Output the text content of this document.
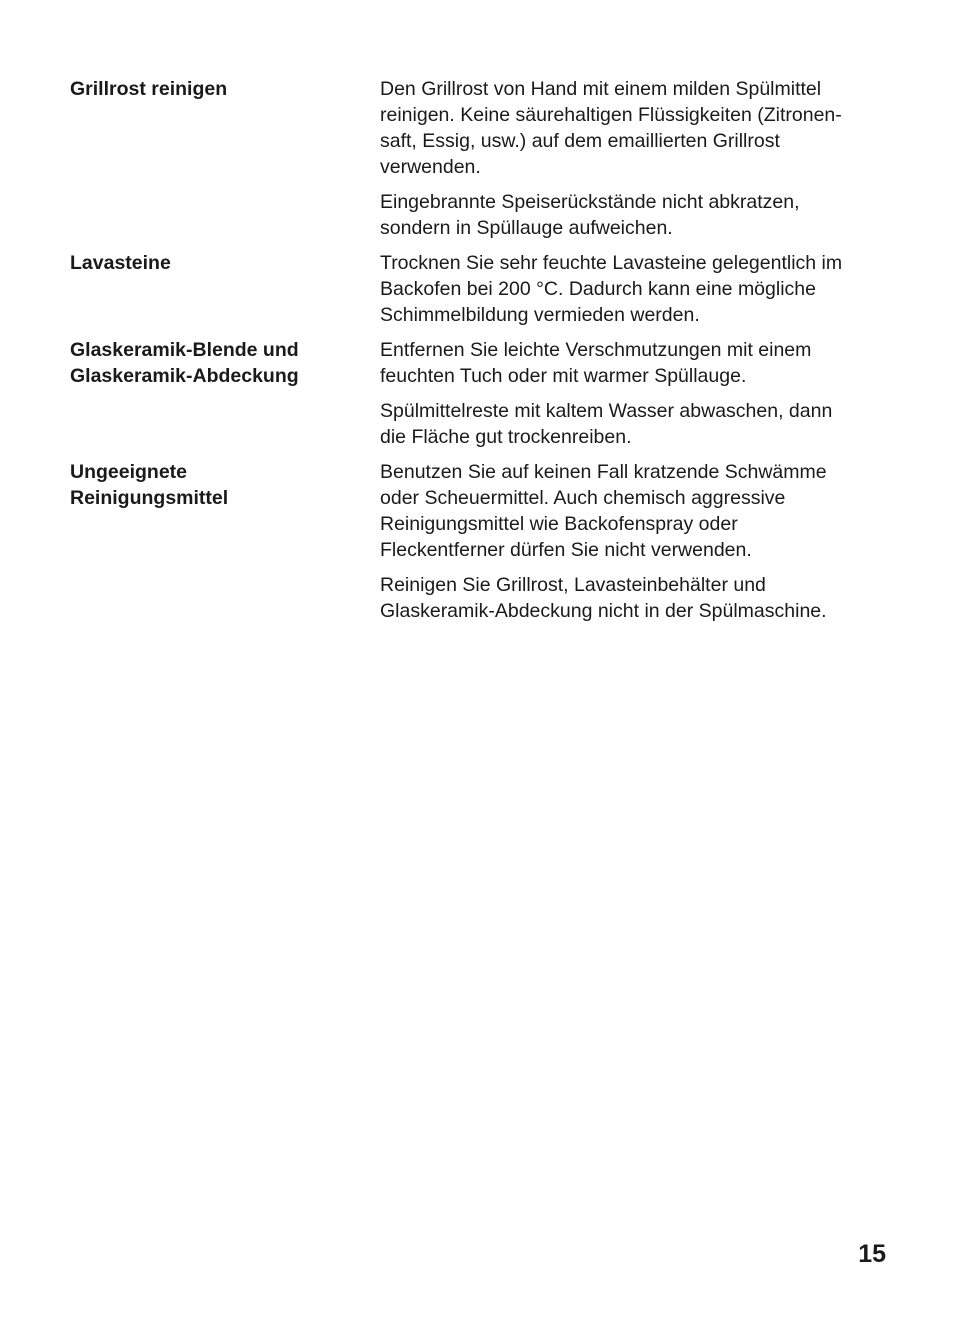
Grillrost reinigen	Den Grillrost von Hand mit einem milden Spülmittel
reinigen. Keine säurehaltigen Flüssigkeiten (Zitronen-
saft, Essig, usw.) auf dem emaillierten Grillrost
verwenden.

Eingebrannte Speiserückstände nicht abkratzen,
sondern in Spüllauge aufweichen.

Lavasteine	Trocknen Sie sehr feuchte Lavasteine gelegentlich im
Backofen bei 200 °C. Dadurch kann eine mögliche
Schimmelbildung vermieden werden.

Glaskeramik-Blende und
Glaskeramik-Abdeckung

Entfernen Sie leichte Verschmutzungen mit einem
feuchten Tuch oder mit warmer Spüllauge.

Spülmittelreste mit kaltem Wasser abwaschen, dann
die Fläche gut trockenreiben.

Ungeeignete
Reinigungsmittel

Benutzen Sie auf keinen Fall kratzende Schwämme
oder Scheuermittel. Auch chemisch aggressive
Reinigungsmittel wie Backofenspray oder
Fleckentferner dürfen Sie nicht verwenden.

Reinigen Sie Grillrost, Lavasteinbehälter und
Glaskeramik-Abdeckung nicht in der Spülmaschine.

15
